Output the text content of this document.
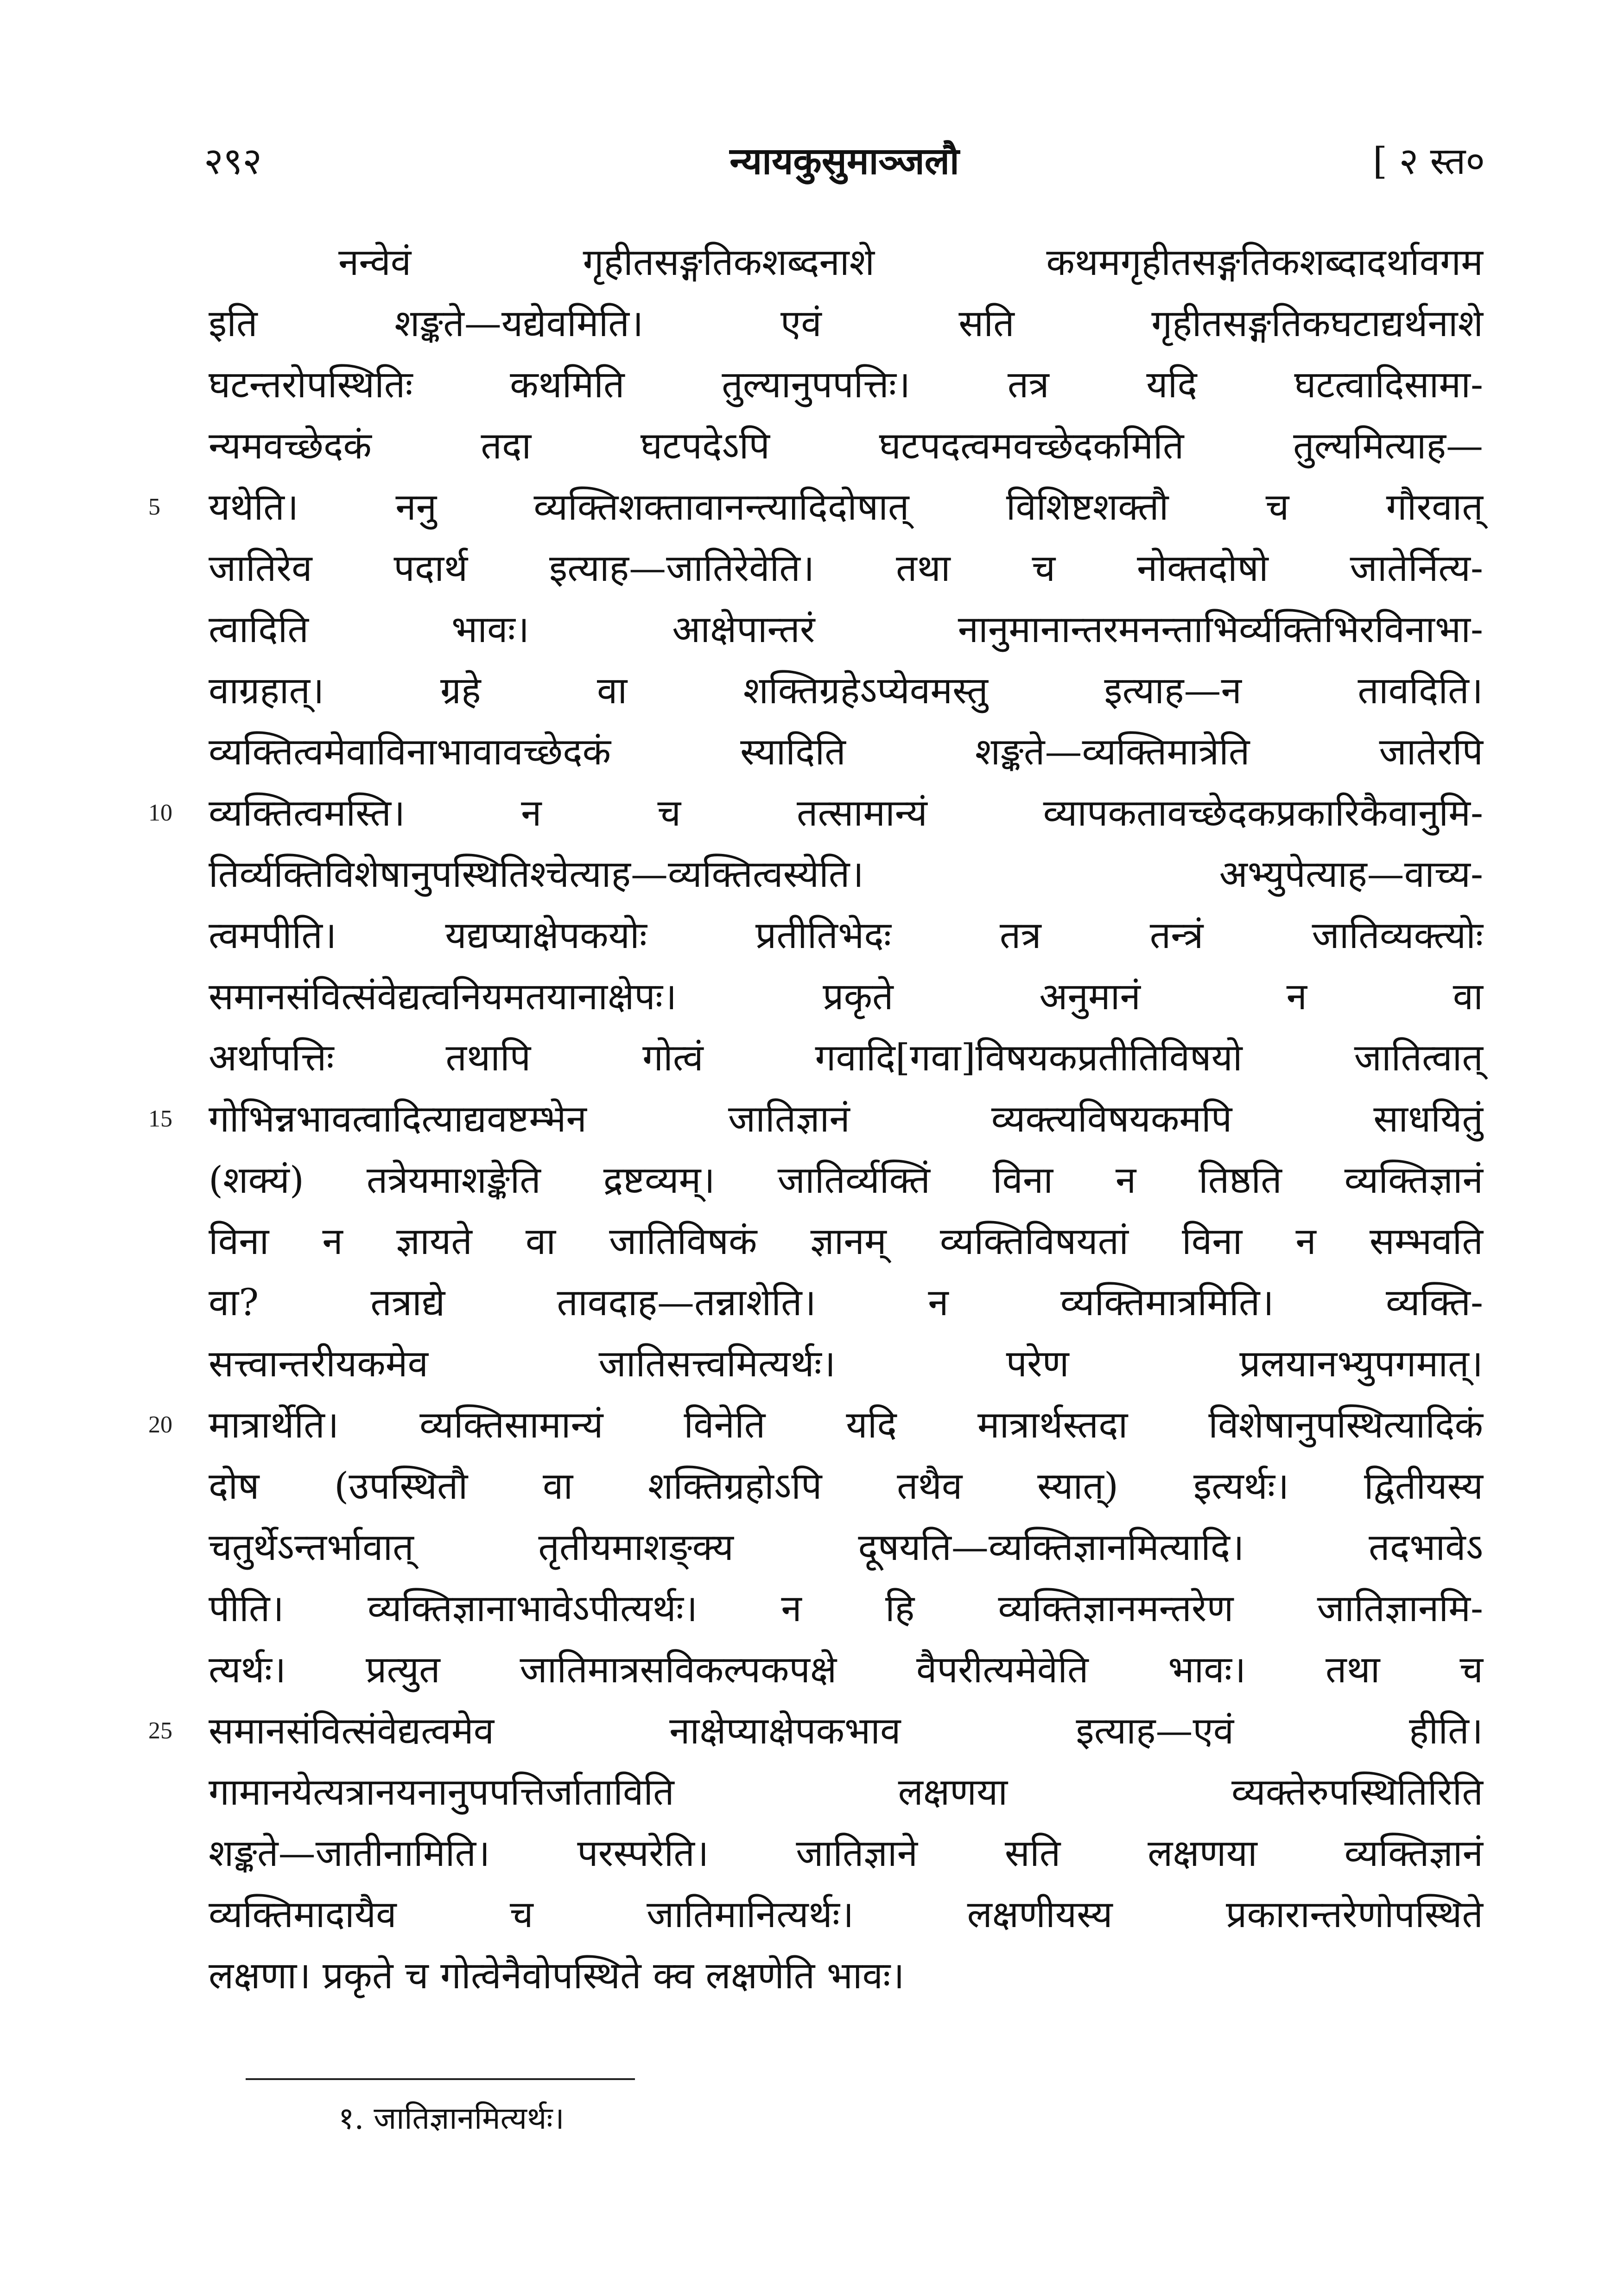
२९२	न्यायकुसुमाञ्जलौ	[ २ स्त०
नन्वेवं गृहीतसङ्गतिकशब्दनाशे कथमगृहीतसङ्गतिकशब्दादर्थावगम
इति शङ्कते—यद्येवमिति। एवं सति गृहीतसङ्गतिकघटाद्यर्थनाशे
घटन्तरोपस्थितिः कथमिति तुल्यानुपपत्तिः। तत्र यदि घटत्वादिसामा-
न्यमवच्छेदकं तदा घटपदेऽपि घटपदत्वमवच्छेदकमिति तुल्यमित्याह—
5	यथेति। ननु व्यक्तिशक्तावानन्त्यादिदोषात् विशिष्टशक्तौ च गौरवात्
जातिरेव पदार्थ इत्याह—जातिरेवेति। तथा च नोक्तदोषो जातेर्नित्य-
त्वादिति भावः। आक्षेपान्तरं नानुमानान्तरमनन्ताभिर्व्यक्तिभिरविनाभा-
वाग्रहात्। ग्रहे वा शक्तिग्रहेऽप्येवमस्तु इत्याह—न तावदिति।
व्यक्तित्वमेवाविनाभावावच्छेदकं स्यादिति शङ्कते—व्यक्तिमात्रेति जातेरपि
10 व्यक्तित्वमस्ति। न च तत्सामान्यं व्यापकतावच्छेदकप्रकारिकैवानुमि-
तिर्व्यक्तिविशेषानुपस्थितिश्चेत्याह—व्यक्तित्वस्येति। अभ्युपेत्याह—वाच्य-
त्वमपीति। यद्यप्याक्षेपकयोः प्रतीतिभेदः तत्र तन्त्रं जातिव्यक्त्योः
समानसंवित्संवेद्यत्वनियमतयानाक्षेपः। प्रकृते अनुमानं न वा
अर्थापत्तिः तथापि गोत्वं गवादि[गवा]विषयकप्रतीतिविषयो जातित्वात्
15 गोभिन्नभावत्वादित्याद्यवष्टम्भेन जातिज्ञानं व्यक्त्यविषयकमपि साधयितुं
(शक्यं) तत्रेयमाशङ्केति द्रष्टव्यम्। जातिर्व्यक्तिं विना न तिष्ठति व्यक्तिज्ञानं
विना न ज्ञायते वा जातिविषकं ज्ञानम् व्यक्तिविषयतां विना न सम्भवति
वा? तत्राद्ये तावदाह—तन्नाशेति। न व्यक्तिमात्रमिति। व्यक्ति-
सत्त्वान्तरीयकमेव जातिसत्त्वमित्यर्थः। परेण प्रलयानभ्युपगमात्।
20 मात्रार्थेति। व्यक्तिसामान्यं विनेति यदि मात्रार्थस्तदा विशेषानुपस्थित्यादिकं
दोष (उपस्थितौ वा शक्तिग्रहोऽपि तथैव स्यात्) इत्यर्थः। द्वितीयस्य
चतुर्थेऽन्तर्भावात् तृतीयमाशङ्क्य दूषयति—व्यक्तिज्ञानमित्यादि। तदभावेऽ
पीति। व्यक्तिज्ञानाभावेऽपीत्यर्थः। न हि व्यक्तिज्ञानमन्तरेण जातिज्ञानमि-
त्यर्थः। प्रत्युत जातिमात्रसविकल्पकपक्षे वैपरीत्यमेवेति भावः। तथा च
25 समानसंवित्संवेद्यत्वमेव नाक्षेप्याक्षेपकभाव इत्याह—एवं हीति।
गामानयेत्यत्रानयनानुपपत्तिर्जाताविति लक्षणया व्यक्तेरुपस्थितिरिति
शङ्कते—जातीनामिति। परस्परेति। जातिज्ञाने सति लक्षणया व्यक्तिज्ञानं
व्यक्तिमादायैव च जातिमानित्यर्थः। लक्षणीयस्य प्रकारान्तरेणोपस्थिते
लक्षणा। प्रकृते च गोत्वेनैवोपस्थिते क्व लक्षणेति भावः।
१. जातिज्ञानमित्यर्थः।
